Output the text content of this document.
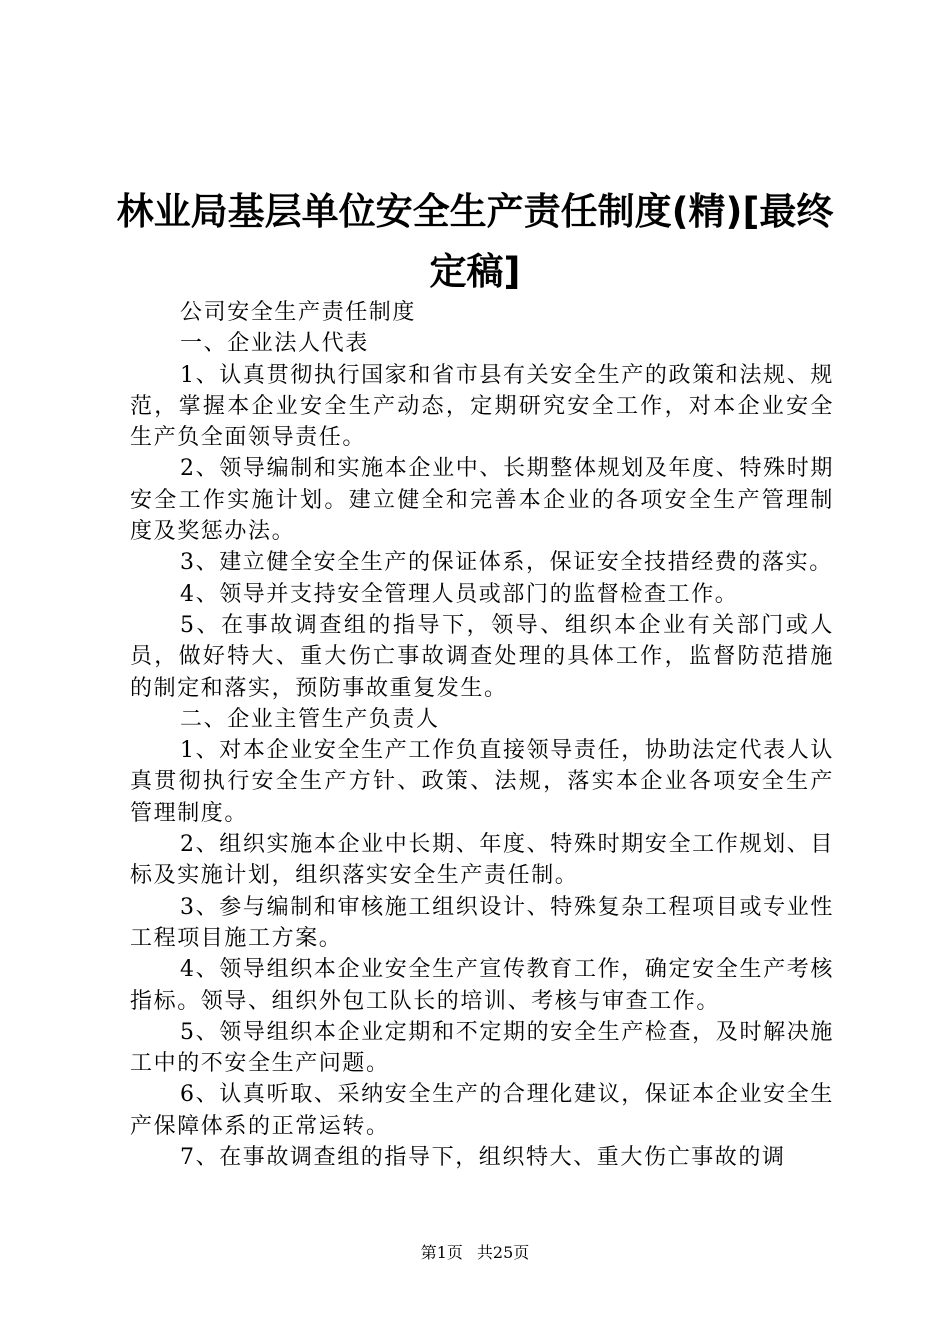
林业局基层单位安全生产责任制度(精)[最终定稿]

公司安全生产责任制度

一、企业法人代表

1、认真贯彻执行国家和省市县有关安全生产的政策和法规、规范，掌握本企业安全生产动态，定期研究安全工作，对本企业安全生产负全面领导责任。

2、领导编制和实施本企业中、长期整体规划及年度、特殊时期安全工作实施计划。建立健全和完善本企业的各项安全生产管理制度及奖惩办法。

3、建立健全安全生产的保证体系，保证安全技措经费的落实。

4、领导并支持安全管理人员或部门的监督检查工作。

5、在事故调查组的指导下，领导、组织本企业有关部门或人员，做好特大、重大伤亡事故调查处理的具体工作，监督防范措施的制定和落实，预防事故重复发生。

二、企业主管生产负责人

1、对本企业安全生产工作负直接领导责任，协助法定代表人认真贯彻执行安全生产方针、政策、法规，落实本企业各项安全生产管理制度。

2、组织实施本企业中长期、年度、特殊时期安全工作规划、目标及实施计划，组织落实安全生产责任制。

3、参与编制和审核施工组织设计、特殊复杂工程项目或专业性工程项目施工方案。

4、领导组织本企业安全生产宣传教育工作，确定安全生产考核指标。领导、组织外包工队长的培训、考核与审查工作。

5、领导组织本企业定期和不定期的安全生产检查，及时解决施工中的不安全生产问题。

6、认真听取、采纳安全生产的合理化建议，保证本企业安全生产保障体系的正常运转。

7、在事故调查组的指导下，组织特大、重大伤亡事故的调

第1页 共25页
